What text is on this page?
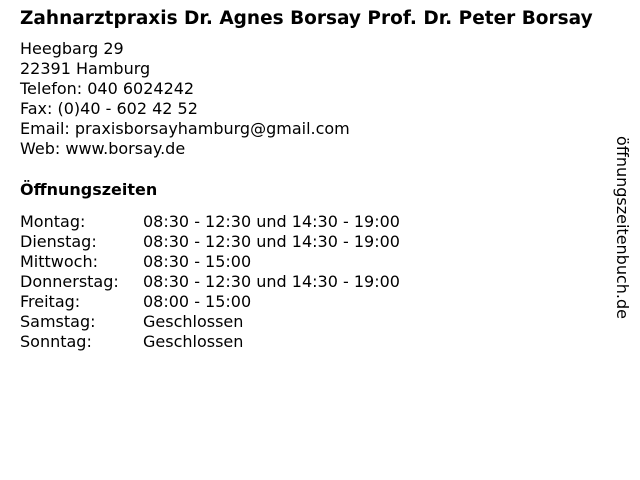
Zahnarztpraxis Dr. Agnes Borsay Prof. Dr. Peter Borsay
Heegbarg 29
22391 Hamburg
Telefon: 040 6024242
Fax: (0)40 - 602 42 52
Email: praxisborsayhamburg@gmail.com
Web: www.borsay.de
Öffnungszeiten
Montag:	08:30 - 12:30 und 14:30 - 19:00
Dienstag:	08:30 - 12:30 und 14:30 - 19:00
Mittwoch:	08:30 - 15:00
Donnerstag:	08:30 - 12:30 und 14:30 - 19:00
Freitag:	08:00 - 15:00
Samstag:	Geschlossen
Sonntag:	Geschlossen
öffnungszeitenbuch.de
